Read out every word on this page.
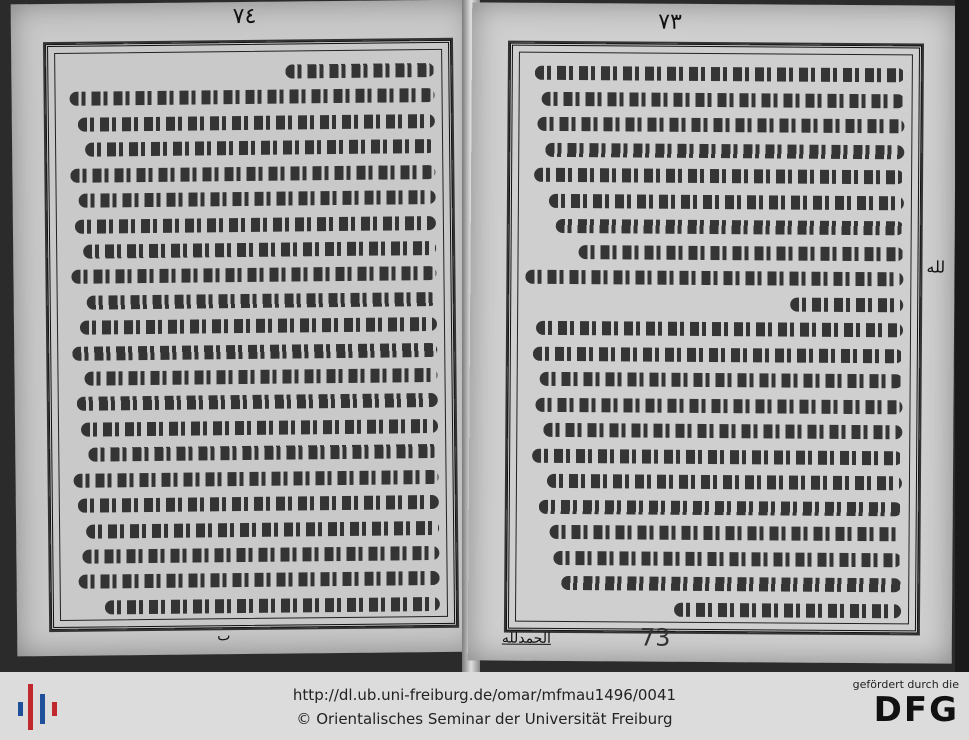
٧٤
ٮ
٧٣
لله
الحمدلله	73
http://dl.ub.uni-freiburg.de/omar/mfmau1496/0041
© Orientalisches Seminar der Universität Freiburg
gefördert durch die
DFG
